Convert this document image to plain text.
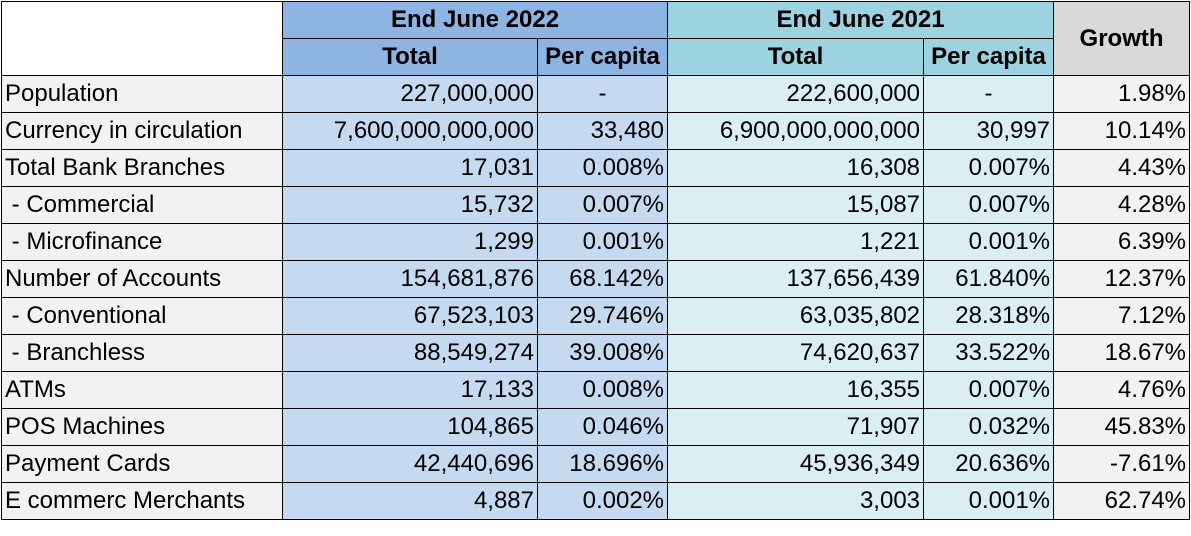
	End June 2022		End June 2021		Growth
	Total	Per capita	Total	Per capita	
Population	227,000,000	-	222,600,000	-	1.98%
Currency in circulation	7,600,000,000,000	33,480	6,900,000,000,000	30,997	10.14%
Total Bank Branches	17,031	0.008%	16,308	0.007%	4.43%
- Commercial	15,732	0.007%	15,087	0.007%	4.28%
- Microfinance	1,299	0.001%	1,221	0.001%	6.39%
Number of Accounts	154,681,876	68.142%	137,656,439	61.840%	12.37%
- Conventional	67,523,103	29.746%	63,035,802	28.318%	7.12%
- Branchless	88,549,274	39.008%	74,620,637	33.522%	18.67%
ATMs	17,133	0.008%	16,355	0.007%	4.76%
POS Machines	104,865	0.046%	71,907	0.032%	45.83%
Payment Cards	42,440,696	18.696%	45,936,349	20.636%	-7.61%
E commerc Merchants	4,887	0.002%	3,003	0.001%	62.74%
